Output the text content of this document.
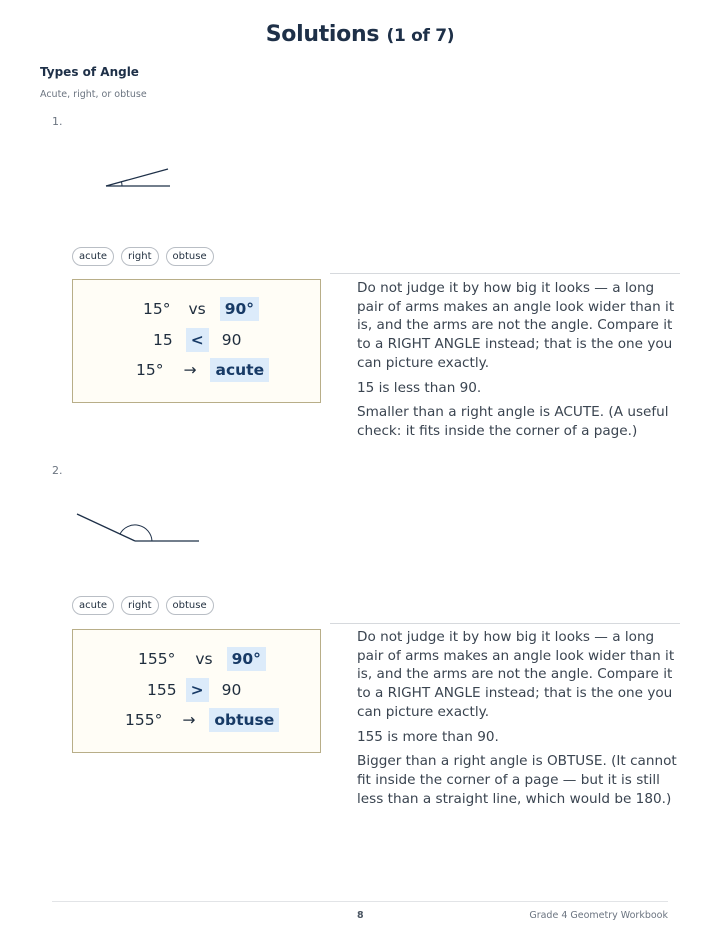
Solutions (1 of 7)
Types of Angle
Acute, right, or obtuse
1.
acute	right	obtuse
15° vs	90°
15	<	90
15° →	acute

Do not judge it by how big it looks — a long pair of arms makes an angle look wider than it is, and the arms are not the angle. Compare it to a RIGHT ANGLE instead; that is the one you can picture exactly.

15 is less than 90.

Smaller than a right angle is ACUTE. (A useful check: it fits inside the corner of a page.)

2.
acute	right	obtuse
155° vs	90°
155 >	90
155° →	obtuse

Do not judge it by how big it looks — a long pair of arms makes an angle look wider than it is, and the arms are not the angle. Compare it to a RIGHT ANGLE instead; that is the one you can picture exactly.

155 is more than 90.

Bigger than a right angle is OBTUSE. (It cannot fit inside the corner of a page — but it is still less than a straight line, which would be 180.)

8	Grade 4 Geometry Workbook
